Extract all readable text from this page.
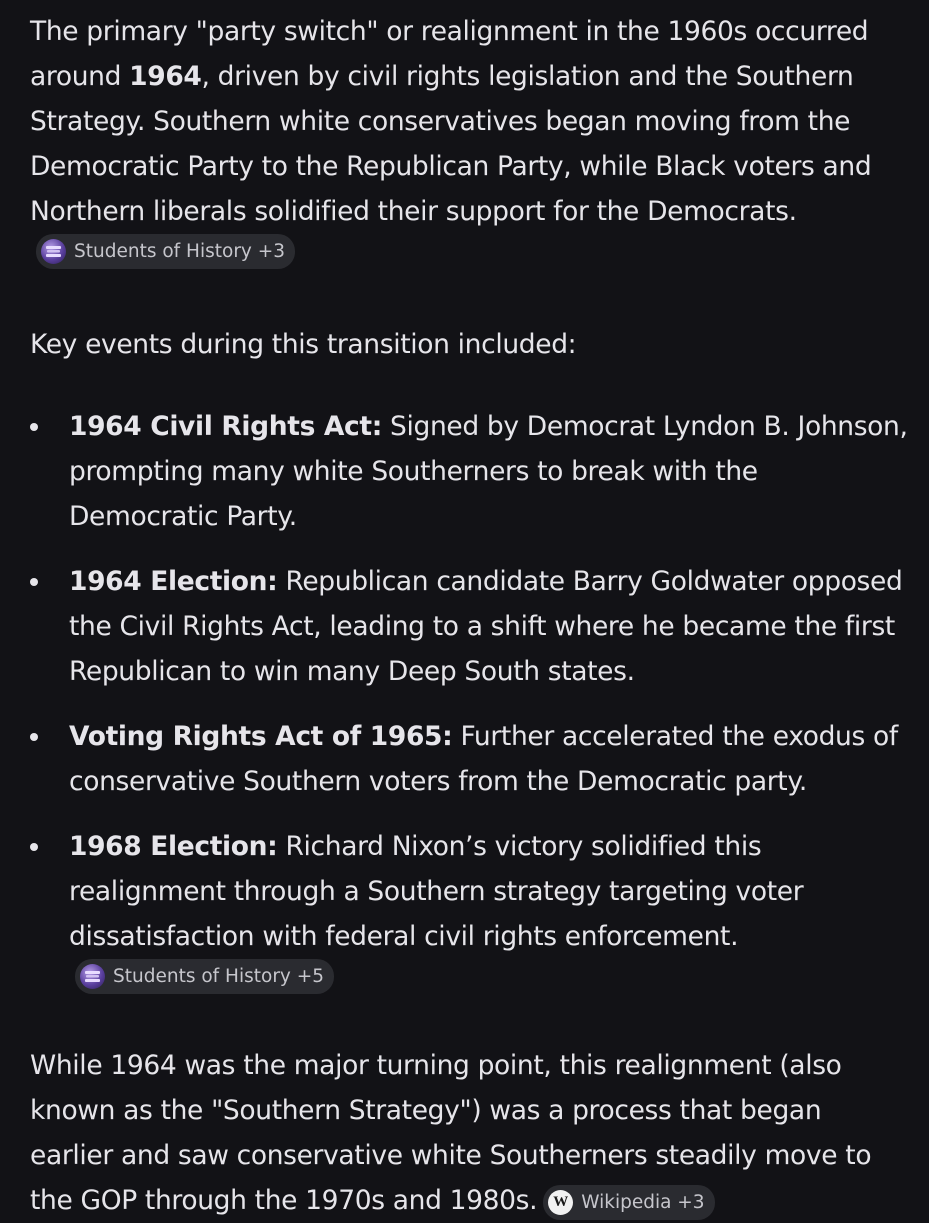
The primary "party switch" or realignment in the 1960s occurred around 1964, driven by civil rights legislation and the Southern Strategy. Southern white conservatives began moving from the Democratic Party to the Republican Party, while Black voters and Northern liberals solidified their support for the Democrats.
Students of History +3

Key events during this transition included:

1964 Civil Rights Act: Signed by Democrat Lyndon B. Johnson, prompting many white Southerners to break with the Democratic Party.
1964 Election: Republican candidate Barry Goldwater opposed the Civil Rights Act, leading to a shift where he became the first Republican to win many Deep South states.
Voting Rights Act of 1965: Further accelerated the exodus of conservative Southern voters from the Democratic party.
1968 Election: Richard Nixon’s victory solidified this realignment through a Southern strategy targeting voter dissatisfaction with federal civil rights enforcement.
Students of History +5

While 1964 was the major turning point, this realignment (also known as the "Southern Strategy") was a process that began earlier and saw conservative white Southerners steadily move to the GOP through the 1970s and 1980s.	W Wikipedia +3
